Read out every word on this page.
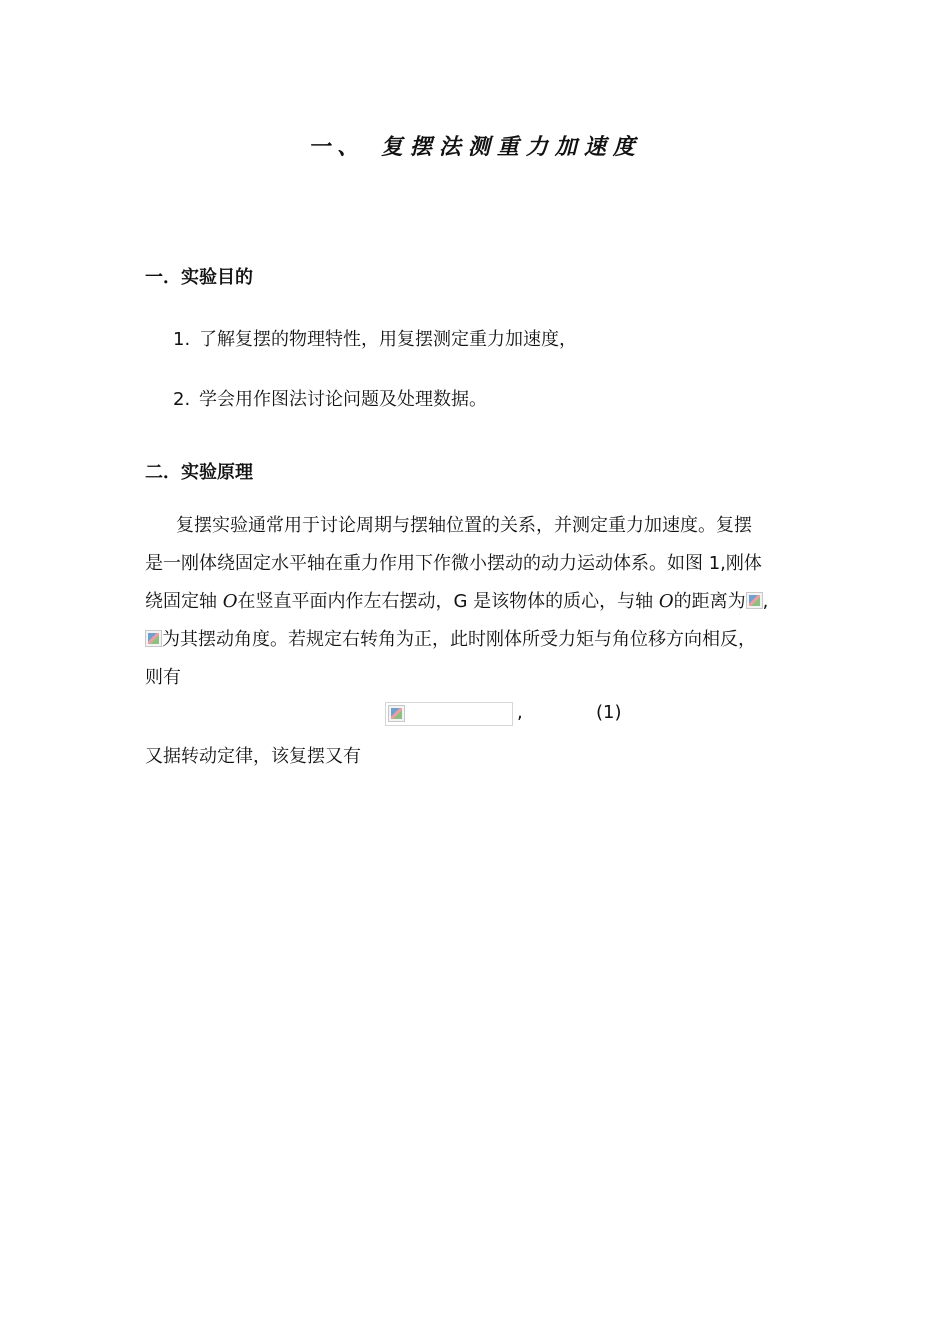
一、 复摆法测重力加速度
一．实验目的
1. 了解复摆的物理特性，用复摆测定重力加速度，
2. 学会用作图法讨论问题及处理数据。
二．实验原理

复摆实验通常用于讨论周期与摆轴位置的关系，并测定重力加速度。复摆

是一刚体绕固定水平轴在重力作用下作微小摆动的动力运动体系。如图 1,刚体

绕固定轴 O在竖直平面内作左右摆动，G 是该物体的质心，与轴 O的距离为 ,

为其摆动角度。若规定右转角为正，此时刚体所受力矩与角位移方向相反，

则有

,	(1)
又据转动定律，该复摆又有
